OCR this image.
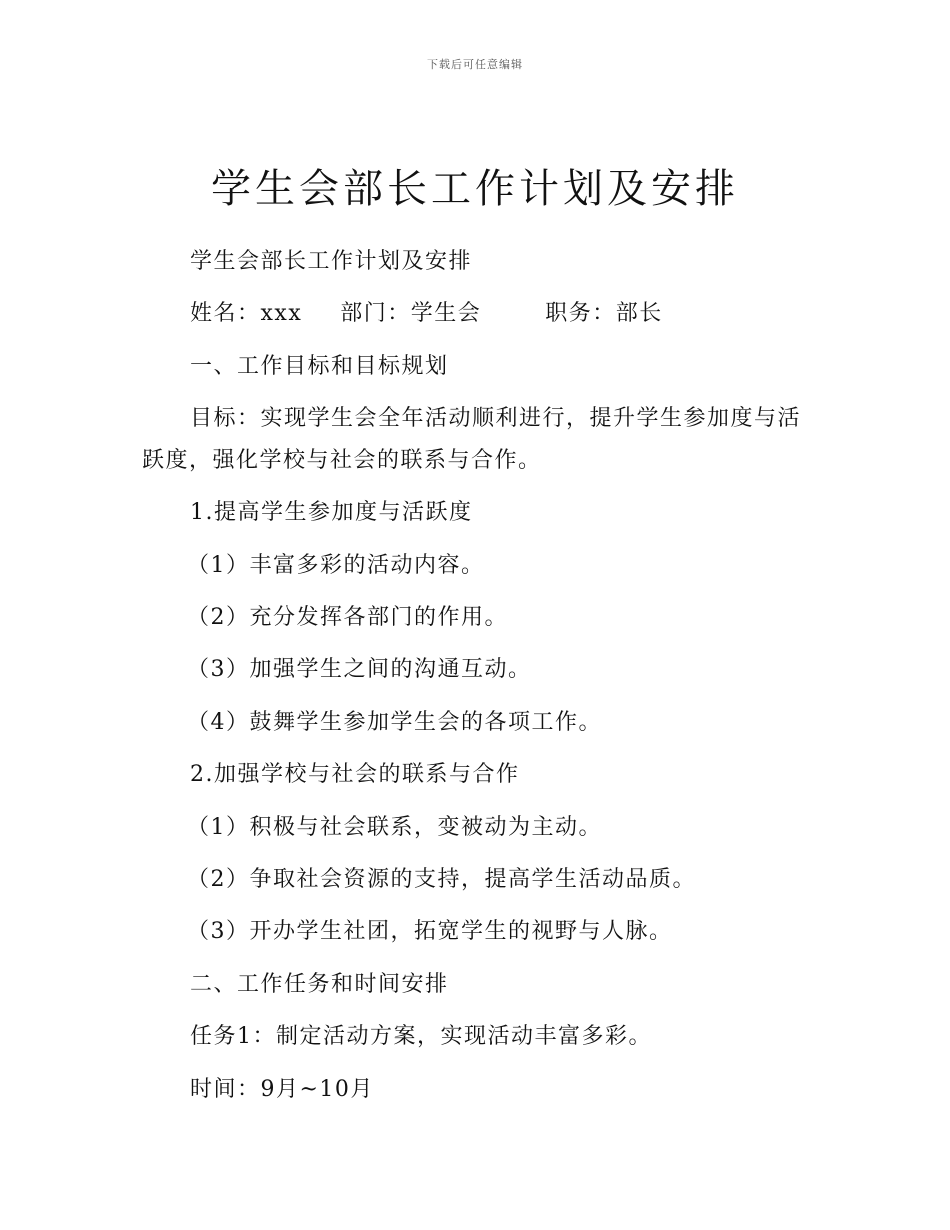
下载后可任意编辑
学生会部长工作计划及安排

学生会部长工作计划及安排

姓名：xxx 部门：学生会	职务：部长

一、工作目标和目标规划

目标：实现学生会全年活动顺利进行，提升学生参加度与活跃度，强化学校与社会的联系与合作。

1.提高学生参加度与活跃度

（1）丰富多彩的活动内容。

（2）充分发挥各部门的作用。

（3）加强学生之间的沟通互动。

（4）鼓舞学生参加学生会的各项工作。

2.加强学校与社会的联系与合作

（1）积极与社会联系，变被动为主动。

（2）争取社会资源的支持，提高学生活动品质。

（3）开办学生社团，拓宽学生的视野与人脉。

二、工作任务和时间安排

任务1：制定活动方案，实现活动丰富多彩。

时间：9月~10月
